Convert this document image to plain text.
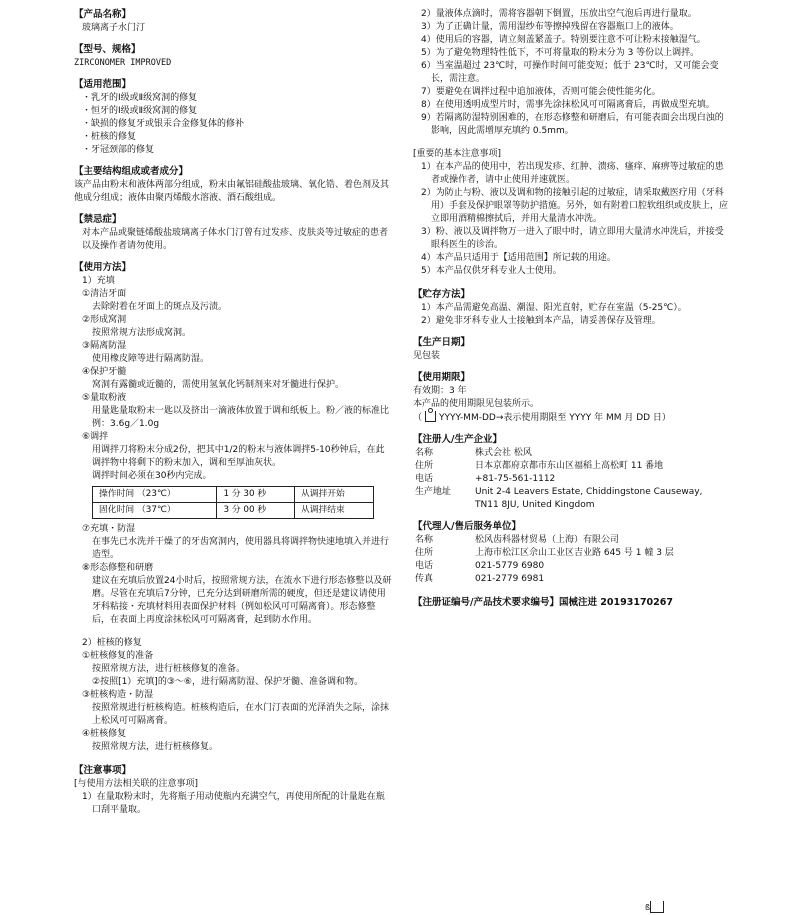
【产品名称】
玻璃离子水门汀
【型号、规格】
ZIRCONOMER IMPROVED
【适用范围】
・乳牙的Ⅰ级或Ⅱ级窝洞的修复
・恒牙的Ⅰ级或Ⅱ级窝洞的修复
・缺损的修复牙或银汞合金修复体的修补
・桩核的修复
・牙冠颈部的修复
【主要结构组成或者成分】
该产品由粉末和液体两部分组成，粉末由氟铝硅酸盐玻璃、氧化锆、着色剂及其他成分组成；液体由聚丙烯酸水溶液、酒石酸组成。
【禁忌症】
对本产品或聚链烯酸盐玻璃离子体水门汀曾有过发疹、皮肤炎等过敏症的患者以及操作者请勿使用。
【使用方法】
1）充填
①清洁牙面
去除附着在牙面上的斑点及污渍。
②形成窝洞
按照常规方法形成窝洞。
③隔离防湿
使用橡皮障等进行隔离防湿。
④保护牙髓
窝洞有露髓或近髓的，需使用氢氧化钙制剂来对牙髓进行保护。
⑤量取粉液
用量匙量取粉末一匙以及挤出一滴液体放置于调和纸板上。粉／液的标准比例：3.6g／1.0g
⑥调拌
用调拌刀将粉末分成2份，把其中1/2的粉末与液体调拌5-10秒钟后，在此调拌物中将剩下的粉末加入，调和至厚油灰状。
调拌时间必须在30秒内完成。
操作时间 （23℃）	1 分 30 秒	从调拌开始
固化时间 （37℃）	3 分 00 秒	从调拌结束
⑦充填・防湿
在事先已水洗并干燥了的牙齿窝洞内，使用器具将调拌物快速地填入并进行造型。
⑧形态修整和研磨
建议在充填后放置24小时后，按照常规方法，在流水下进行形态修整以及研磨。尽管在充填后7分钟，已充分达到研磨所需的硬度，但还是建议请使用牙科粘接・充填材料用表面保护材料（例如松风可可隔离膏）。形态修整后，在表面上再度涂抹松风可可隔离膏，起到防水作用。
2）桩核的修复
①桩核修复的准备
按照常规方法，进行桩核修复的准备。
②按照[1）充填]的③～⑥，进行隔离防湿、保护牙髓、准备调和物。
③桩核构造・防湿
按照常规进行桩核构造。桩核构造后，在水门汀表面的光泽消失之际，涂抹上松风可可隔离膏。
④桩核修复
按照常规方法，进行桩核修复。
【注意事项】
[与使用方法相关联的注意事项]
1）在量取粉末时，先将瓶子用动使瓶内充满空气，再使用所配的计量匙在瓶口刮平量取。
2）量液体点滴时，需将容器朝下倒置，压放出空气泡后再进行量取。
3）为了正确计量，需用湿纱布等擦掉残留在容器瓶口上的液体。
4）使用后的容器，请立刻盖紧盖子。特别要注意不可让粉末接触湿气。
5）为了避免物理特性低下，不可将量取的粉末分为 3 等份以上调拌。
6）当室温超过 23℃时，可操作时间可能变短；低于 23℃时，又可能会变长，需注意。
7）要避免在调拌过程中追加液体，否则可能会使性能劣化。
8）在使用透明成型片时，需事先涂抹松风可可隔离膏后，再做成型充填。
9）若隔离防湿特别困难的，在形态修整和研磨后，有可能表面会出现白浊的影响，因此需增厚充填约 0.5mm。
[重要的基本注意事项]
1）在本产品的使用中，若出现发疹、红肿、溃疡、瘙痒、麻痹等过敏症的患者或操作者，请中止使用并速就医。
2）为防止与粉、液以及调和物的接触引起的过敏症，请采取戴医疗用（牙科用）手套及保护眼罩等防护措施。另外，如有附着口腔软组织或皮肤上，应立即用酒精棉擦拭后，并用大量清水冲洗。
3）粉、液以及调拌物万一进入了眼中时，请立即用大量清水冲洗后，并接受眼科医生的诊治。
4）本产品只适用于【适用范围】所记载的用途。
5）本产品仅供牙科专业人士使用。
【贮存方法】
1）本产品需避免高温、潮湿、阳光直射，贮存在室温（5-25℃）。
2）避免非牙科专业人士接触到本产品，请妥善保存及管理。
【生产日期】
见包装
【使用期限】
有效期：3 年
本产品的使用期限见包装所示。
（ YYYY-MM-DD→表示使用期限至 YYYY 年 MM 月 DD 日）
【注册人/生产企业】
名称	株式会社 松风
住所	日本京都府京都市东山区福稻上高松町 11 番地
电话	+81-75-561-1112
生产地址	Unit 2-4 Leavers Estate, Chiddingstone Causeway,
TN11 8JU, United Kingdom
【代理人/售后服务单位】
名称	松风齿科器材贸易（上海）有限公司
住所	上海市松江区佘山工业区吉业路 645 号 1 幢 3 层
电话	021-5779 6980
传真	021-2779 6981
【注册证编号/产品技术要求编号】国械注进 20193170267
ß
